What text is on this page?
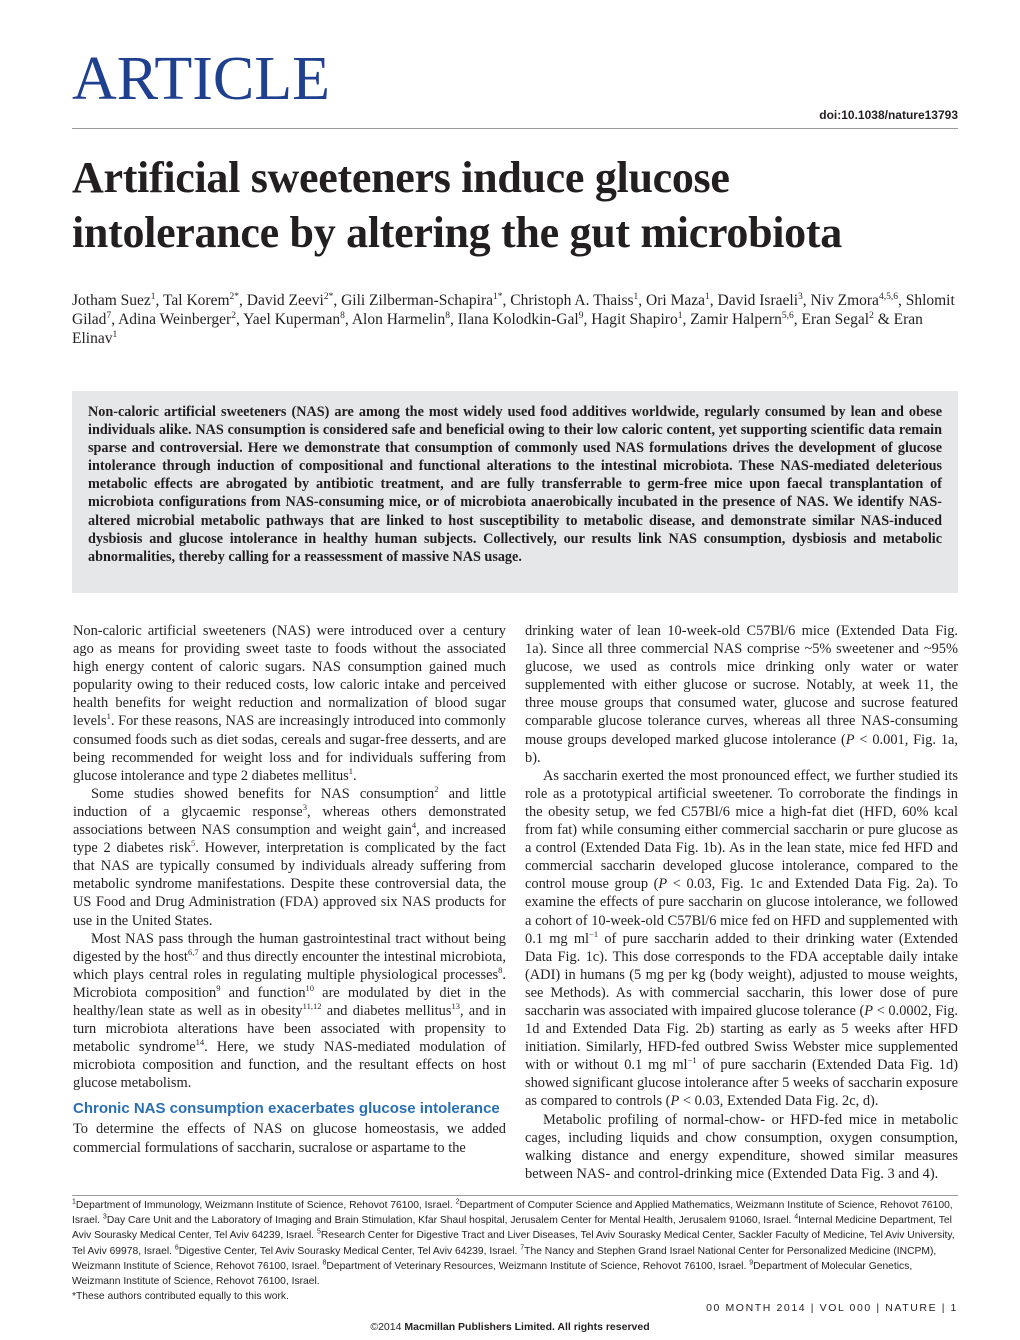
ARTICLE
doi:10.1038/nature13793
Artificial sweeteners induce glucose
intolerance by altering the gut microbiota
Jotham Suez$^1$, Tal Korem$^{2*}$, David Zeevi$^{2*}$, Gili Zilberman-Schapira$^{1*}$, Christoph A. Thaiss$^1$, Ori Maza$^1$, David Israeli$^3$, Niv Zmora$^{4,5,6}$, Shlomit Gilad$^7$, Adina Weinberger$^2$, Yael Kuperman$^8$, Alon Harmelin$^8$, Ilana Kolodkin-Gal$^9$, Hagit Shapiro$^1$, Zamir Halpern$^{5,6}$, Eran Segal$^2$ & Eran Elinav$^1$
Non-caloric artificial sweeteners (NAS) are among the most widely used food additives worldwide, regularly consumed by lean and obese individuals alike. NAS consumption is considered safe and beneficial owing to their low caloric content, yet supporting scientific data remain sparse and controversial. Here we demonstrate that consumption of commonly used NAS formulations drives the development of glucose intolerance through induction of compositional and functional alterations to the intestinal microbiota. These NAS-mediated deleterious metabolic effects are abrogated by antibiotic treatment, and are fully transferrable to germ-free mice upon faecal transplantation of microbiota configurations from NAS-consuming mice, or of microbiota anaerobically incubated in the presence of NAS. We identify NAS-altered microbial metabolic pathways that are linked to host susceptibility to metabolic disease, and demonstrate similar NAS-induced dysbiosis and glucose intolerance in healthy human subjects. Collectively, our results link NAS consumption, dysbiosis and metabolic abnormalities, thereby calling for a reassessment of massive NAS usage.

Non-caloric artificial sweeteners (NAS) were introduced over a century ago as means for providing sweet taste to foods without the associated high energy content of caloric sugars. NAS consumption gained much popularity owing to their reduced costs, low caloric intake and perceived health benefits for weight reduction and normalization of blood sugar levels$^1$. For these reasons, NAS are increasingly introduced into commonly consumed foods such as diet sodas, cereals and sugar-free desserts, and are being recommended for weight loss and for individuals suffering from glucose intolerance and type 2 diabetes mellitus$^1$.

Some studies showed benefits for NAS consumption$^2$ and little induction of a glycaemic response$^3$, whereas others demonstrated associations between NAS consumption and weight gain$^4$, and increased type 2 diabetes risk$^5$. However, interpretation is complicated by the fact that NAS are typically consumed by individuals already suffering from metabolic syndrome manifestations. Despite these controversial data, the US Food and Drug Administration (FDA) approved six NAS products for use in the United States.

Most NAS pass through the human gastrointestinal tract without being digested by the host$^{6,7}$ and thus directly encounter the intestinal microbiota, which plays central roles in regulating multiple physiological processes$^8$. Microbiota composition$^9$ and function$^{10}$ are modulated by diet in the healthy/lean state as well as in obesity$^{11,12}$ and diabetes mellitus$^{13}$, and in turn microbiota alterations have been associated with propensity to metabolic syndrome$^{14}$. Here, we study NAS-mediated modulation of microbiota composition and function, and the resultant effects on host glucose metabolism.

Chronic NAS consumption exacerbates glucose intolerance

To determine the effects of NAS on glucose homeostasis, we added commercial formulations of saccharin, sucralose or aspartame to the

drinking water of lean 10-week-old C57Bl/6 mice (Extended Data Fig. 1a). Since all three commercial NAS comprise ~5% sweetener and ~95% glucose, we used as controls mice drinking only water or water supplemented with either glucose or sucrose. Notably, at week 11, the three mouse groups that consumed water, glucose and sucrose featured comparable glucose tolerance curves, whereas all three NAS-consuming mouse groups developed marked glucose intolerance (P < 0.001, Fig. 1a, b).

As saccharin exerted the most pronounced effect, we further studied its role as a prototypical artificial sweetener. To corroborate the findings in the obesity setup, we fed C57Bl/6 mice a high-fat diet (HFD, 60% kcal from fat) while consuming either commercial saccharin or pure glucose as a control (Extended Data Fig. 1b). As in the lean state, mice fed HFD and commercial saccharin developed glucose intolerance, compared to the control mouse group (P < 0.03, Fig. 1c and Extended Data Fig. 2a). To examine the effects of pure saccharin on glucose intolerance, we followed a cohort of 10-week-old C57Bl/6 mice fed on HFD and supplemented with 0.1 mg $ml^{-1}$ of pure saccharin added to their drinking water (Extended Data Fig. 1c). This dose corresponds to the FDA acceptable daily intake (ADI) in humans (5 mg per kg (body weight), adjusted to mouse weights, see Methods). As with commercial saccharin, this lower dose of pure saccharin was associated with impaired glucose tolerance (P < 0.0002, Fig. 1d and Extended Data Fig. 2b) starting as early as 5 weeks after HFD initiation. Similarly, HFD-fed outbred Swiss Webster mice supplemented with or without 0.1 mg $ml^{-1}$ of pure saccharin (Extended Data Fig. 1d) showed significant glucose intolerance after 5 weeks of saccharin exposure as compared to controls (P < 0.03, Extended Data Fig. 2c, d).

Metabolic profiling of normal-chow- or HFD-fed mice in metabolic cages, including liquids and chow consumption, oxygen consumption, walking distance and energy expenditure, showed similar measures between NAS- and control-drinking mice (Extended Data Fig. 3 and 4).

$^1$Department of Immunology, Weizmann Institute of Science, Rehovot 76100, Israel. $^2$Department of Computer Science and Applied Mathematics, Weizmann Institute of Science, Rehovot 76100, Israel. $^3$Day Care Unit and the Laboratory of Imaging and Brain Stimulation, Kfar Shaul hospital, Jerusalem Center for Mental Health, Jerusalem 91060, Israel. $^4$Internal Medicine Department, Tel Aviv Sourasky Medical Center, Tel Aviv 64239, Israel. $^5$Research Center for Digestive Tract and Liver Diseases, Tel Aviv Sourasky Medical Center, Sackler Faculty of Medicine, Tel Aviv University, Tel Aviv 69978, Israel. $^6$Digestive Center, Tel Aviv Sourasky Medical Center, Tel Aviv 64239, Israel. $^7$The Nancy and Stephen Grand Israel National Center for Personalized Medicine (INCPM), Weizmann Institute of Science, Rehovot 76100, Israel. $^8$Department of Veterinary Resources, Weizmann Institute of Science, Rehovot 76100, Israel. $^9$Department of Molecular Genetics, Weizmann Institute of Science, Rehovot 76100, Israel.
*These authors contributed equally to this work.
00 MONTH 2014 | VOL 000 | NATURE | 1
©2014 Macmillan Publishers Limited. All rights reserved
